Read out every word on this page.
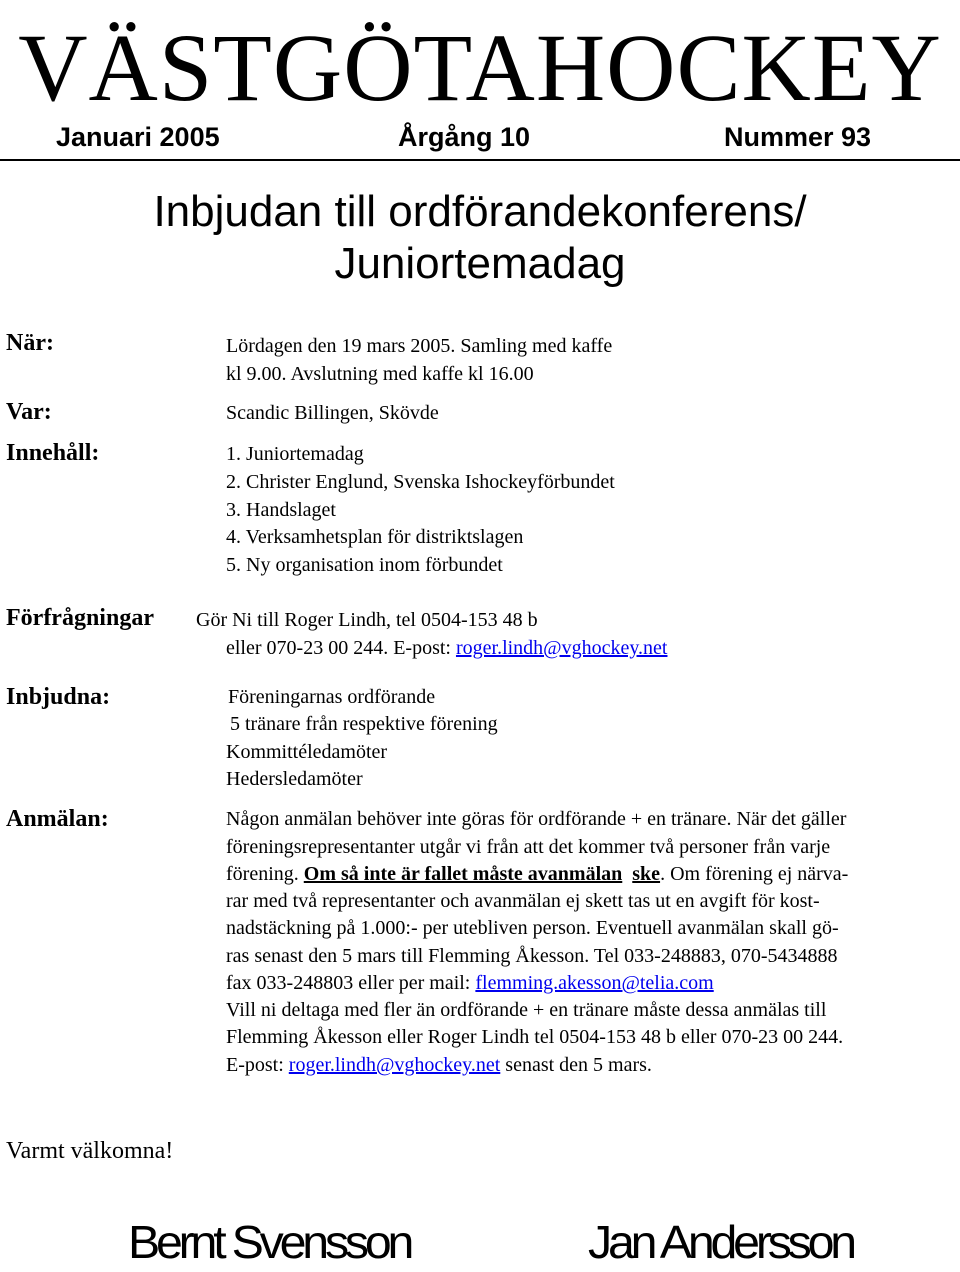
VÄSTGÖTAHOCKEY
Januari 2005	Årgång 10	Nummer 93
Inbjudan till ordförandekonferens/
Juniortemadag
När:	Lördagen den 19 mars 2005. Samling med kaffe
kl 9.00. Avslutning med kaffe kl 16.00
Var:	Scandic Billingen, Skövde
Innehåll:	1. Juniortemadag
2. Christer Englund, Svenska Ishockeyförbundet
3. Handslaget
4. Verksamhetsplan för distriktslagen
5. Ny organisation inom förbundet
Förfrågningar Gör Ni till Roger Lindh, tel 0504-153 48 b
eller 070-23 00 244. E-post: roger.lindh@vghockey.net
Inbjudna:	Föreningarnas ordförande
5 tränare från respektive förening
Kommittéledamöter
Hedersledamöter
Anmälan:	Någon anmälan behöver inte göras för ordförande + en tränare. När det gäller
föreningsrepresentanter utgår vi från att det kommer två personer från varje
förening. Om så inte är fallet måste avanmälan ske. Om förening ej närva-
rar med två representanter och avanmälan ej skett tas ut en avgift för kost-
nadstäckning på 1.000:- per utebliven person. Eventuell avanmälan skall gö-
ras senast den 5 mars till Flemming Åkesson. Tel 033-248883, 070-5434888
fax 033-248803 eller per mail: flemming.akesson@telia.com
Vill ni deltaga med fler än ordförande + en tränare måste dessa anmälas till
Flemming Åkesson eller Roger Lindh tel 0504-153 48 b eller 070-23 00 244.
E-post: roger.lindh@vghockey.net senast den 5 mars.
Varmt välkomna!
Bernt Svensson	Jan Andersson
